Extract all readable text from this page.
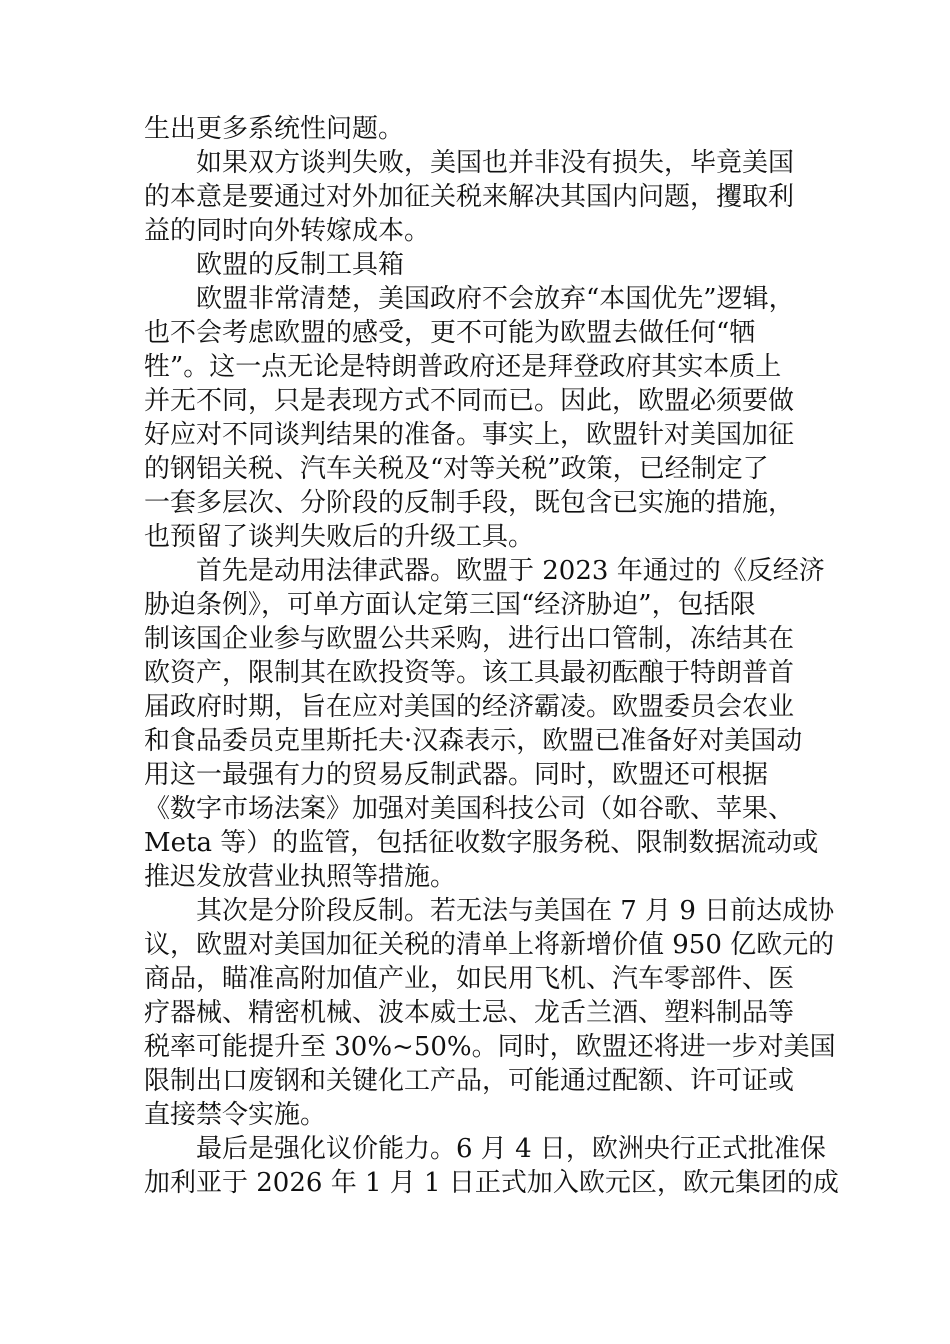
生出更多系统性问题。
如果双方谈判失败，美国也并非没有损失，毕竟美国
的本意是要通过对外加征关税来解决其国内问题，攫取利
益的同时向外转嫁成本。
欧盟的反制工具箱
欧盟非常清楚，美国政府不会放弃“本国优先”逻辑，
也不会考虑欧盟的感受，更不可能为欧盟去做任何“牺
牲”。这一点无论是特朗普政府还是拜登政府其实本质上
并无不同，只是表现方式不同而已。因此，欧盟必须要做
好应对不同谈判结果的准备。事实上，欧盟针对美国加征
的钢铝关税、汽车关税及“对等关税”政策，已经制定了
一套多层次、分阶段的反制手段，既包含已实施的措施，
也预留了谈判失败后的升级工具。
首先是动用法律武器。欧盟于 2023 年通过的《反经济
胁迫条例》，可单方面认定第三国“经济胁迫”，包括限
制该国企业参与欧盟公共采购，进行出口管制，冻结其在
欧资产，限制其在欧投资等。该工具最初酝酿于特朗普首
届政府时期，旨在应对美国的经济霸凌。欧盟委员会农业
和食品委员克里斯托夫·汉森表示，欧盟已准备好对美国动
用这一最强有力的贸易反制武器。同时，欧盟还可根据
《数字市场法案》加强对美国科技公司（如谷歌、苹果、
Meta 等）的监管，包括征收数字服务税、限制数据流动或
推迟发放营业执照等措施。
其次是分阶段反制。若无法与美国在 7 月 9 日前达成协
议，欧盟对美国加征关税的清单上将新增价值 950 亿欧元的
商品，瞄准高附加值产业，如民用飞机、汽车零部件、医
疗器械、精密机械、波本威士忌、龙舌兰酒、塑料制品等
税率可能提升至 30%~50%。同时，欧盟还将进一步对美国
限制出口废钢和关键化工产品，可能通过配额、许可证或
直接禁令实施。
最后是强化议价能力。6 月 4 日，欧洲央行正式批准保
加利亚于 2026 年 1 月 1 日正式加入欧元区，欧元集团的成
